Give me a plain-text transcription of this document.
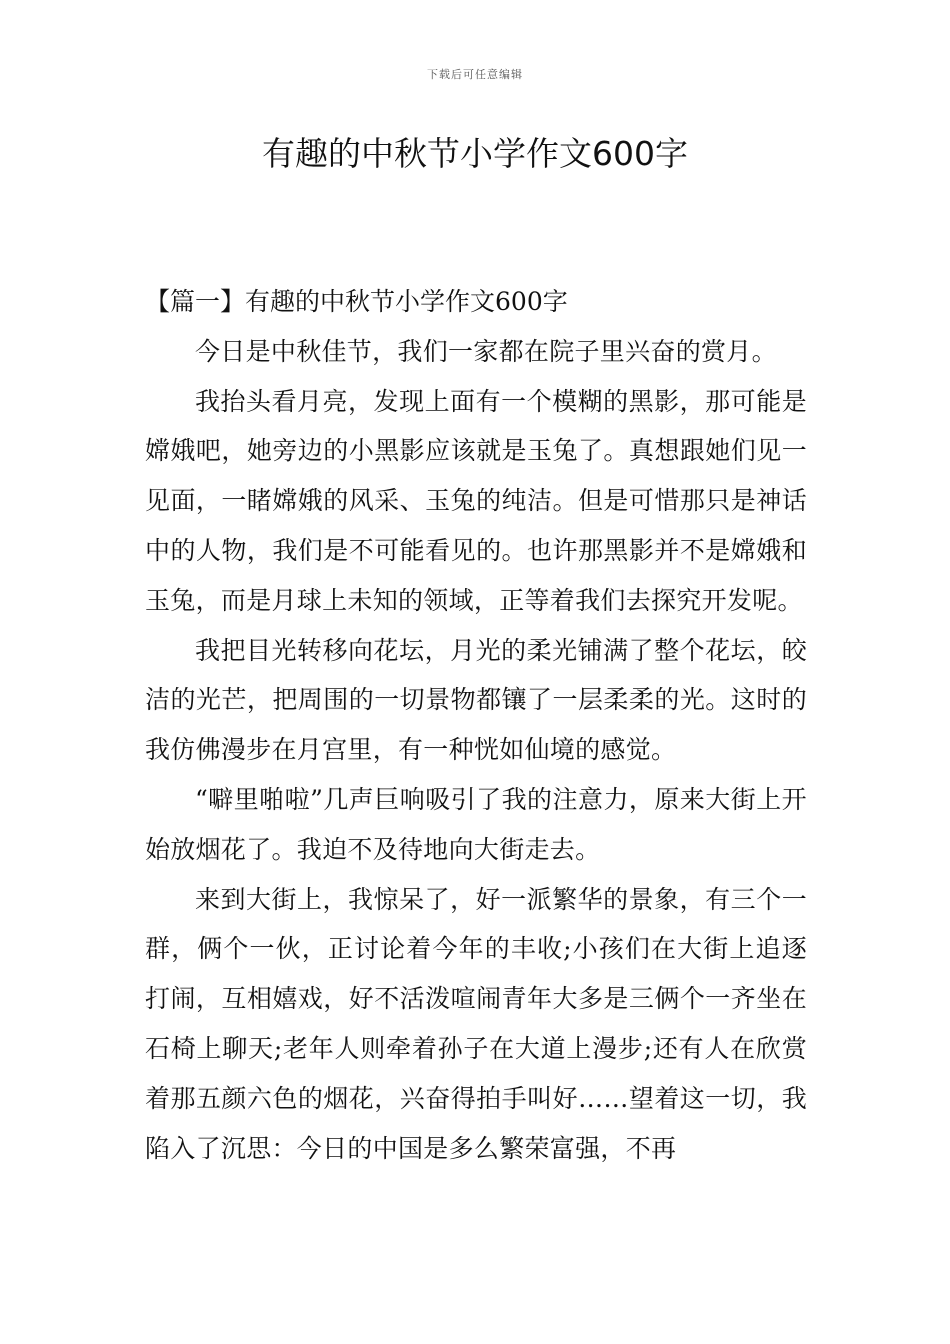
下载后可任意编辑
有趣的中秋节小学作文600字

【篇一】有趣的中秋节小学作文600字

今日是中秋佳节，我们一家都在院子里兴奋的赏月。

我抬头看月亮，发现上面有一个模糊的黑影，那可能是嫦娥吧，她旁边的小黑影应该就是玉兔了。真想跟她们见一见面，一睹嫦娥的风采、玉兔的纯洁。但是可惜那只是神话中的人物，我们是不可能看见的。也许那黑影并不是嫦娥和玉兔，而是月球上未知的领域，正等着我们去探究开发呢。

我把目光转移向花坛，月光的柔光铺满了整个花坛，皎洁的光芒，把周围的一切景物都镶了一层柔柔的光。这时的我仿佛漫步在月宫里，有一种恍如仙境的感觉。

“噼里啪啦”几声巨响吸引了我的注意力，原来大街上开始放烟花了。我迫不及待地向大街走去。

来到大街上，我惊呆了，好一派繁华的景象，有三个一群，俩个一伙，正讨论着今年的丰收;小孩们在大街上追逐打闹，互相嬉戏，好不活泼喧闹青年大多是三俩个一齐坐在石椅上聊天;老年人则牵着孙子在大道上漫步;还有人在欣赏着那五颜六色的烟花，兴奋得拍手叫好……望着这一切，我陷入了沉思：今日的中国是多么繁荣富强，不再
